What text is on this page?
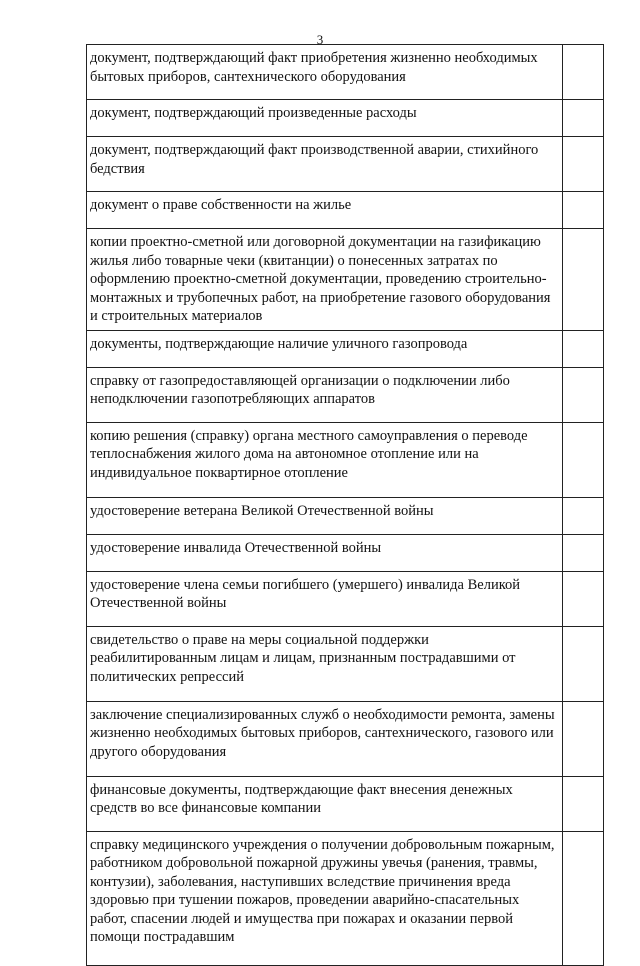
3
документ, подтверждающий факт приобретения жизненно необходимых бытовых приборов, сантехнического оборудования	
документ, подтверждающий произведенные расходы	
документ, подтверждающий факт производственной аварии, стихийного бедствия	
документ о праве собственности на жилье	
копии проектно-сметной или договорной документации на газификацию жилья либо товарные чеки (квитанции) о понесенных затратах по оформлению проектно-сметной документации, проведению строительно-монтажных и трубопечных работ, на приобретение газового оборудования и строительных материалов	
документы, подтверждающие наличие уличного газопровода	
справку от газопредоставляющей организации о подключении либо неподключении газопотребляющих аппаратов	
копию решения (справку) органа местного самоуправления о переводе теплоснабжения жилого дома на автономное отопление или на индивидуальное поквартирное отопление	
удостоверение ветерана Великой Отечественной войны	
удостоверение инвалида Отечественной войны	
удостоверение члена семьи погибшего (умершего) инвалида Великой Отечественной войны	
свидетельство о праве на меры социальной поддержки реабилитированным лицам и лицам, признанным пострадавшими от политических репрессий	
заключение специализированных служб о необходимости ремонта, замены жизненно необходимых бытовых приборов, сантехнического, газового или другого оборудования	
финансовые документы, подтверждающие факт внесения денежных средств во все финансовые компании	
справку медицинского учреждения о получении добровольным пожарным, работником добровольной пожарной дружины увечья (ранения, травмы, контузии), заболевания, наступивших вследствие причинения вреда здоровью при тушении пожаров, проведении аварийно-спасательных работ, спасении людей и имущества при пожарах и оказании первой помощи пострадавшим	
